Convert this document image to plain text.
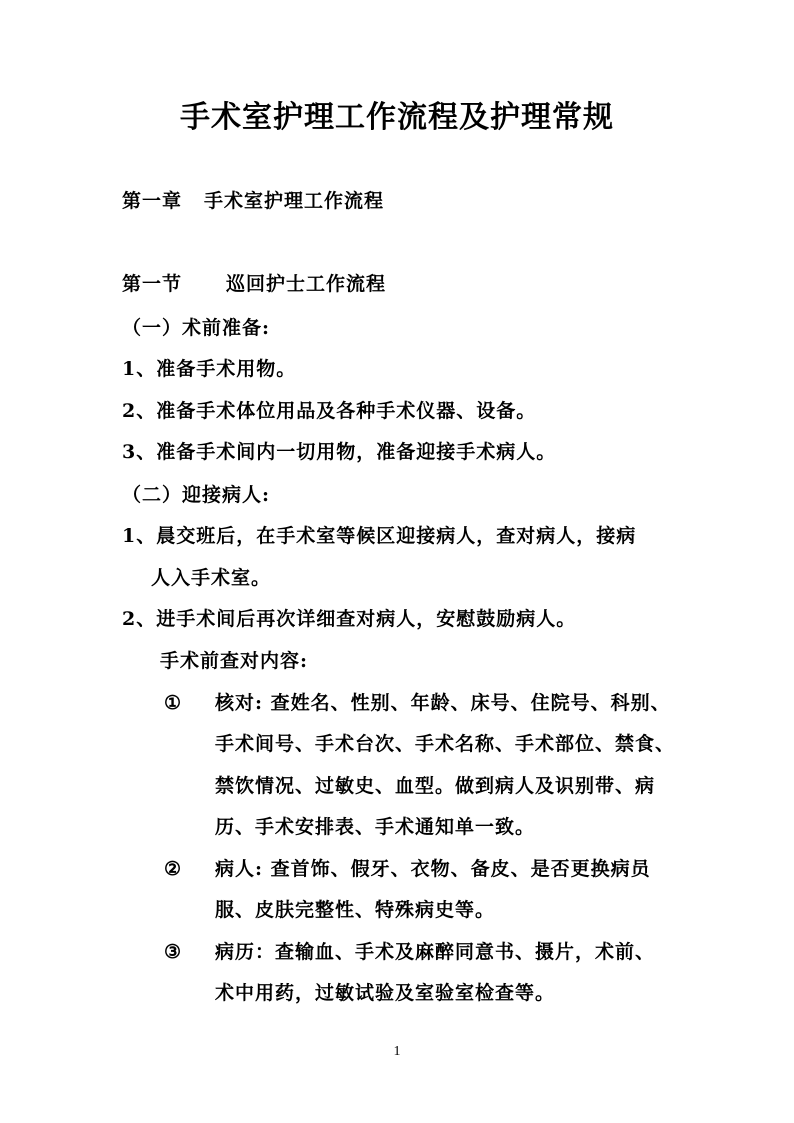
手术室护理工作流程及护理常规
第一章 手术室护理工作流程
第一节 巡回护士工作流程
（一）术前准备:
1、准备手术用物。
2、准备手术体位用品及各种手术仪器、设备。
3、准备手术间内一切用物，准备迎接手术病人。
（二）迎接病人:
1、晨交班后，在手术室等候区迎接病人，查对病人，接病
人入手术室。
2、进手术间后再次详细查对病人，安慰鼓励病人。
手术前查对内容:
① 核对: 查姓名、性别、年龄、床号、住院号、科别、
手术间号、手术台次、手术名称、手术部位、禁食、
禁饮情况、过敏史、血型。做到病人及识别带、病
历、手术安排表、手术通知单一致。
② 病人: 查首饰、假牙、衣物、备皮、是否更换病员
服、皮肤完整性、特殊病史等。
③ 病历：查输血、手术及麻醉同意书、摄片，术前、
术中用药，过敏试验及室验室检查等。
1
